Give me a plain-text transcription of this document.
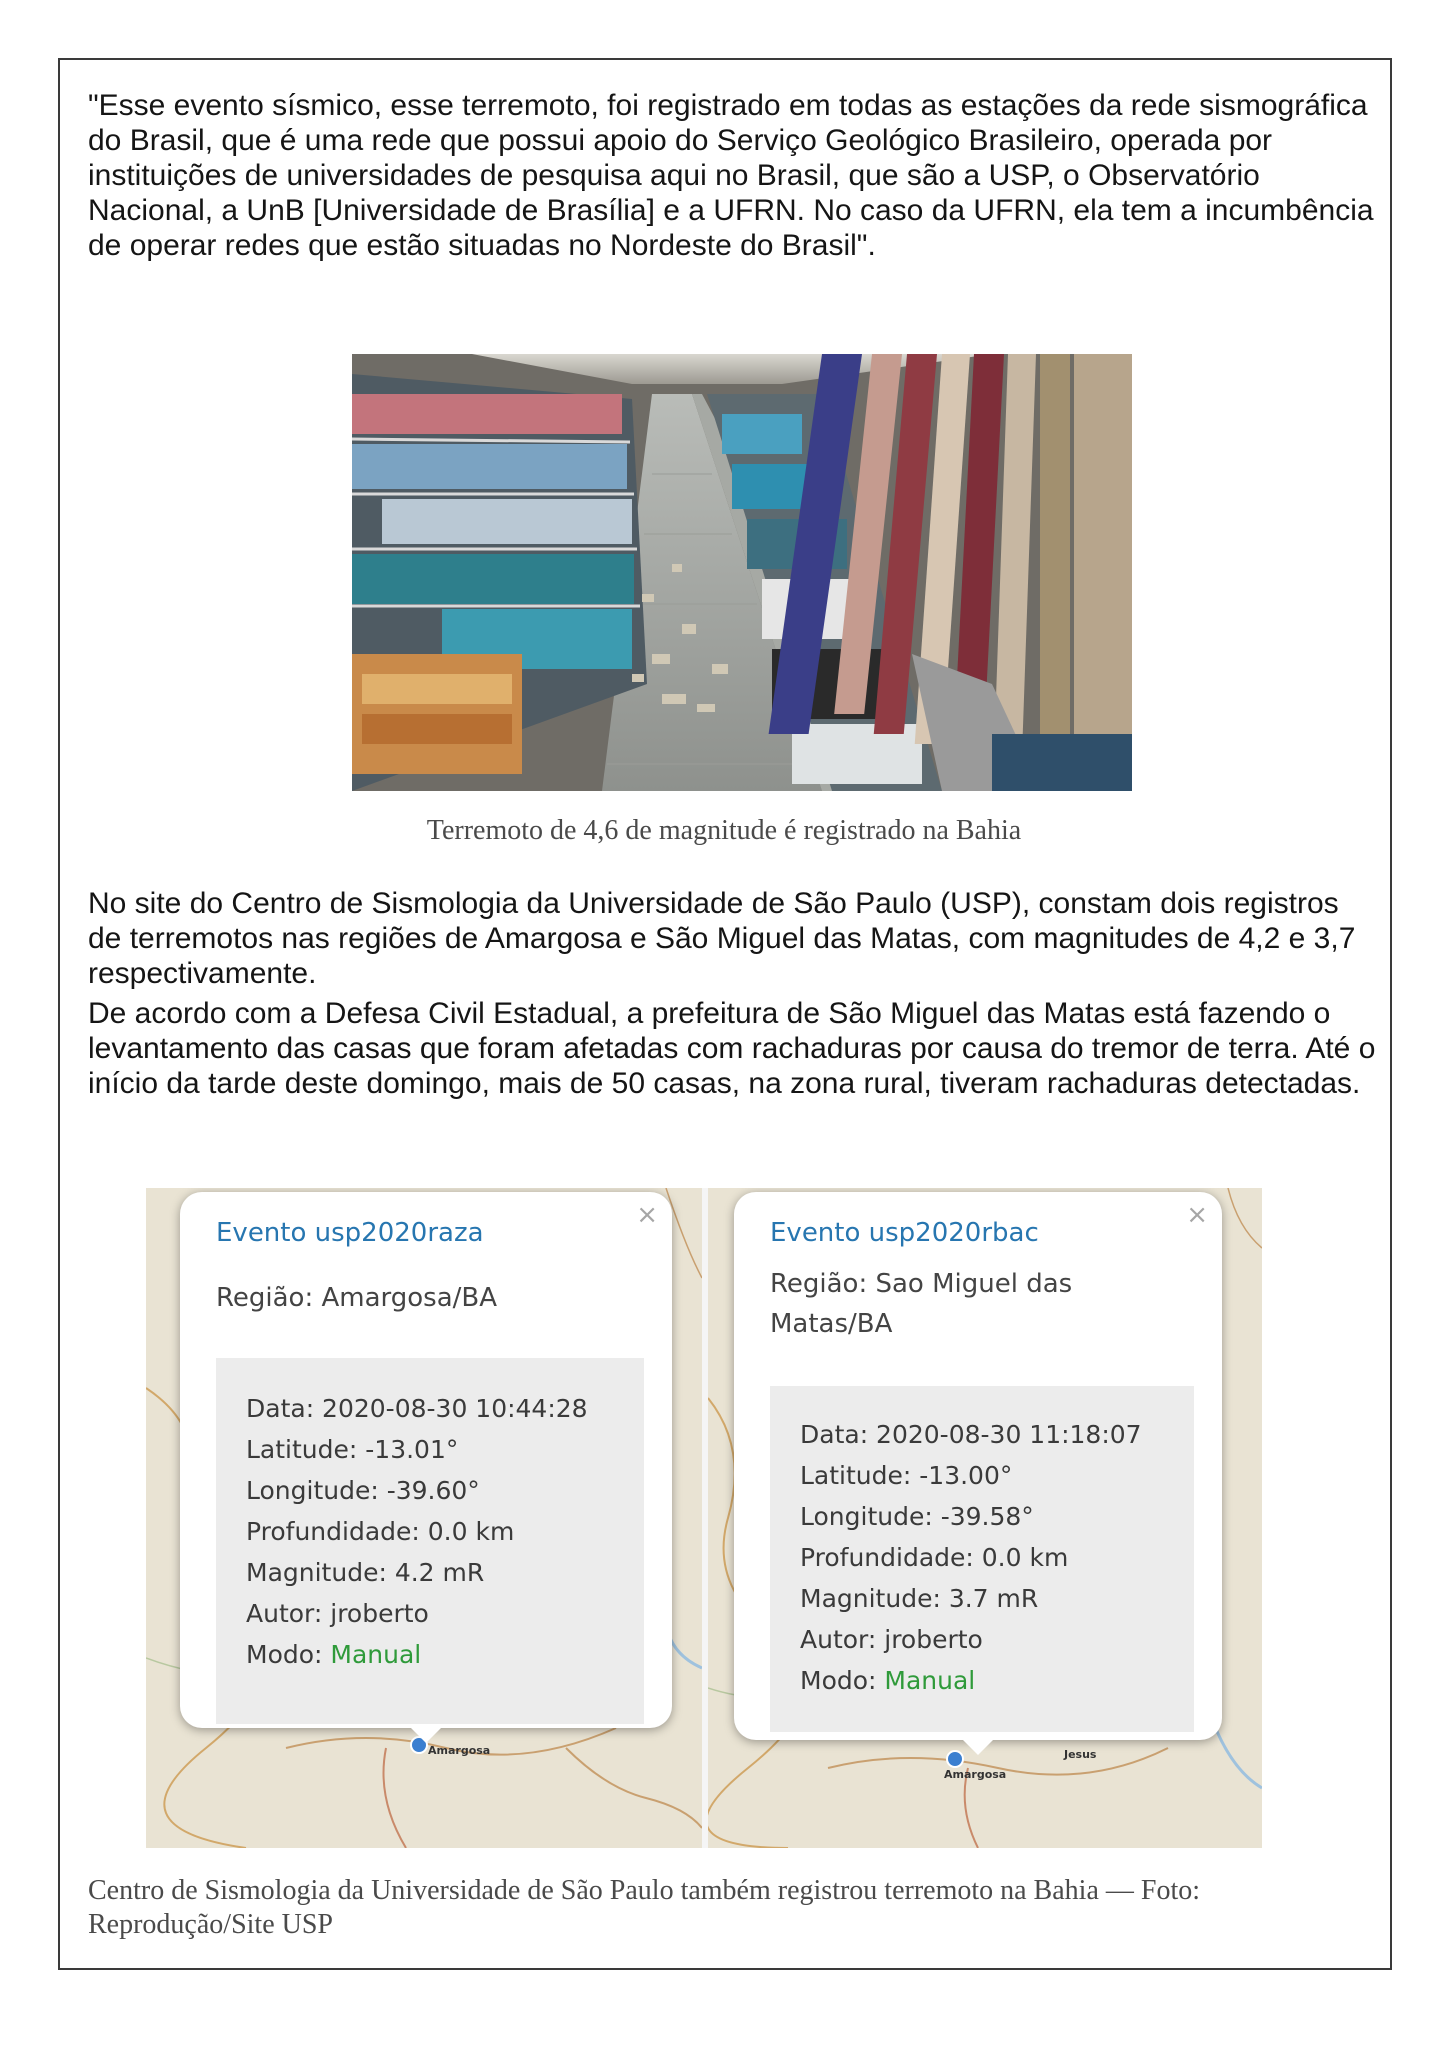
"Esse evento sísmico, esse terremoto, foi registrado em todas as estações da rede sismográfica do Brasil, que é uma rede que possui apoio do Serviço Geológico Brasileiro, operada por instituições de universidades de pesquisa aqui no Brasil, que são a USP, o Observatório Nacional, a UnB [Universidade de Brasília] e a UFRN. No caso da UFRN, ela tem a incumbência de operar redes que estão situadas no Nordeste do Brasil".

Terremoto de 4,6 de magnitude é registrado na Bahia

No site do Centro de Sismologia da Universidade de São Paulo (USP), constam dois registros de terremotos nas regiões de Amargosa e São Miguel das Matas, com magnitudes de 4,2 e 3,7 respectivamente.

De acordo com a Defesa Civil Estadual, a prefeitura de São Miguel das Matas está fazendo o levantamento das casas que foram afetadas com rachaduras por causa do tremor de terra. Até o início da tarde deste domingo, mais de 50 casas, na zona rural, tiveram rachaduras detectadas.

Amargosa
×
Evento usp2020raza
Região: Amargosa/BA

Data: 2020-08-30 10:44:28

Latitude: -13.01°

Longitude: -39.60°

Profundidade: 0.0 km

Magnitude: 4.2 mR

Autor: jroberto

Modo: Manual

Amargosa
Jesus
×
Evento usp2020rbac
Região: Sao Miguel das Matas/BA

Data: 2020-08-30 11:18:07

Latitude: -13.00°

Longitude: -39.58°

Profundidade: 0.0 km

Magnitude: 3.7 mR

Autor: jroberto

Modo: Manual

Centro de Sismologia da Universidade de São Paulo também registrou terremoto na Bahia — Foto: Reprodução/Site USP
